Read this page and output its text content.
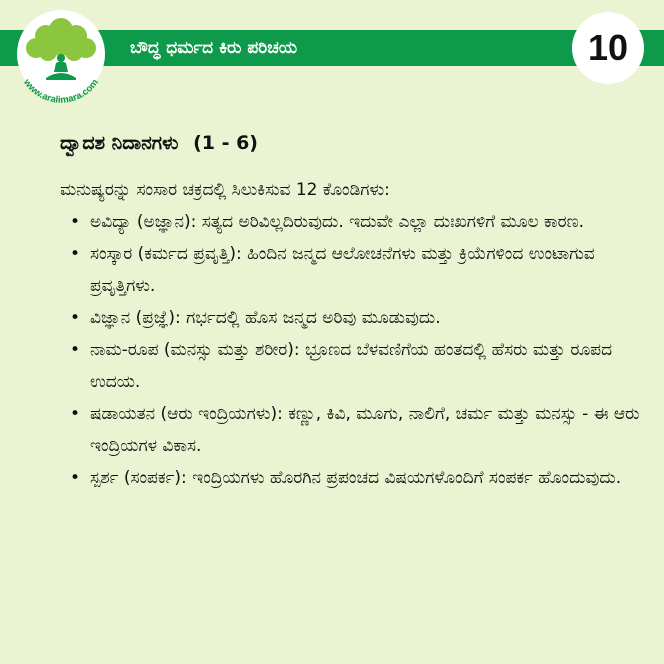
ಬೌದ್ಧ ಧರ್ಮದ ಕಿರು ಪರಿಚಯ
www.aralimara.com
10
ದ್ವಾದಶ ನಿದಾನಗಳು (1 - 6)

ಮನುಷ್ಯರನ್ನು ಸಂಸಾರ ಚಕ್ರದಲ್ಲಿ ಸಿಲುಕಿಸುವ 12 ಕೊಂಡಿಗಳು:

• ಅವಿದ್ಯಾ (ಅಜ್ಞಾನ): ಸತ್ಯದ ಅರಿವಿಲ್ಲದಿರುವುದು. ಇದುವೇ ಎಲ್ಲಾ ದುಃಖಗಳಿಗೆ ಮೂಲ ಕಾರಣ.
• ಸಂಸ್ಕಾರ (ಕರ್ಮದ ಪ್ರವೃತ್ತಿ): ಹಿಂದಿನ ಜನ್ಮದ ಆಲೋಚನೆಗಳು ಮತ್ತು ಕ್ರಿಯೆಗಳಿಂದ ಉಂಟಾಗುವ ಪ್ರವೃತ್ತಿಗಳು.
• ವಿಜ್ಞಾನ (ಪ್ರಜ್ಞೆ): ಗರ್ಭದಲ್ಲಿ ಹೊಸ ಜನ್ಮದ ಅರಿವು ಮೂಡುವುದು.
• ನಾಮ-ರೂಪ (ಮನಸ್ಸು ಮತ್ತು ಶರೀರ): ಭ್ರೂಣದ ಬೆಳವಣಿಗೆಯ ಹಂತದಲ್ಲಿ ಹೆಸರು ಮತ್ತು ರೂಪದ ಉದಯ.
• ಷಡಾಯತನ (ಆರು ಇಂದ್ರಿಯಗಳು): ಕಣ್ಣು, ಕಿವಿ, ಮೂಗು, ನಾಲಿಗೆ, ಚರ್ಮ ಮತ್ತು ಮನಸ್ಸು - ಈ ಆರು ಇಂದ್ರಿಯಗಳ ವಿಕಾಸ.
• ಸ್ಪರ್ಶ (ಸಂಪರ್ಕ): ಇಂದ್ರಿಯಗಳು ಹೊರಗಿನ ಪ್ರಪಂಚದ ವಿಷಯಗಳೊಂದಿಗೆ ಸಂಪರ್ಕ ಹೊಂದುವುದು.
